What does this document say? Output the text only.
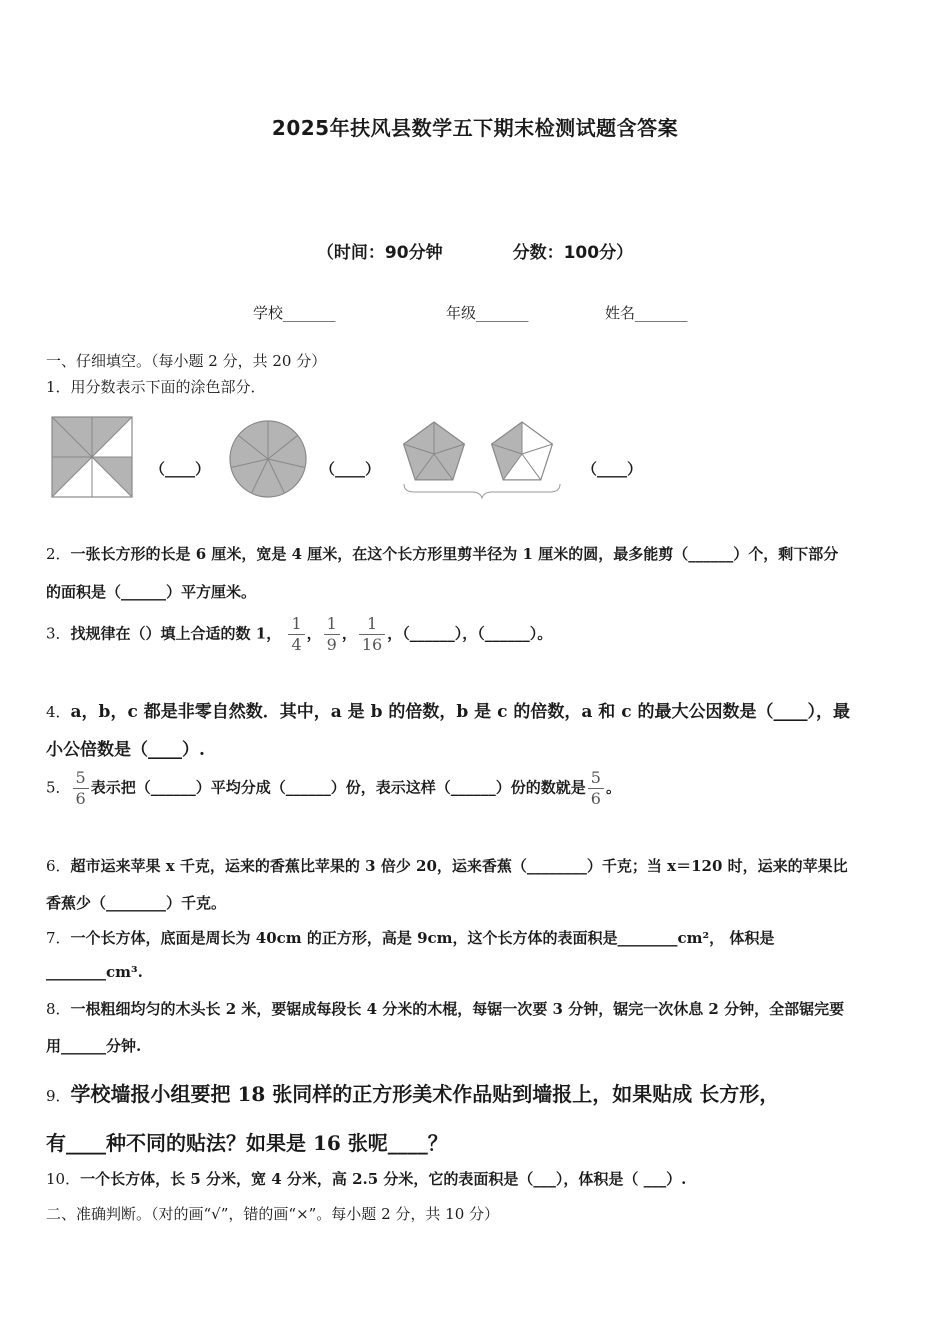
2025年扶风县数学五下期末检测试题含答案
（时间：90分钟	分数：100分）
学校_______	年级_______	姓名_______
一、仔细填空。（每小题 2 分，共 20 分）
1．用分数表示下面的涂色部分．
（____）	（____）	（____）
2．一张长方形的长是 6 厘米，宽是 4 厘米，在这个长方形里剪半径为 1 厘米的圆，最多能剪（______）个，剩下部分
的面积是（______）平方厘米。
3．找规律在（）填上合适的数 1， $\frac{1}{4}$ ， $\frac{1}{9}$ ， $\frac{1}{16}$ ，（______），（______）。
4．a，b，c 都是非零自然数．其中，a 是 b 的倍数，b 是 c 的倍数，a 和 c 的最大公因数是（____），最
小公倍数是（____）.
5． $\frac{5}{6}$ 表示把（______）平均分成（______）份，表示这样（______）份的数就是 $\frac{5}{6}$ 。
6．超市运来苹果 x 千克，运来的香蕉比苹果的 3 倍少 20，运来香蕉（________）千克；当 x＝120 时，运来的苹果比
香蕉少（________）千克。
7．一个长方体，底面是周长为 40cm 的正方形，高是 9cm，这个长方体的表面积是________cm²， 体积是
________cm³.
8．一根粗细均匀的木头长 2 米，要锯成每段长 4 分米的木棍，每锯一次要 3 分钟，锯完一次休息 2 分钟，全部锯完要
用______分钟.
9．学校墙报小组要把 18 张同样的正方形美术作品贴到墙报上，如果贴成 长方形，
有____种不同的贴法？如果是 16 张呢____？
10．一个长方体，长 5 分米，宽 4 分米，高 2.5 分米，它的表面积是（___），体积是（ ___）.
二、准确判断。（对的画“√”，错的画“×”。每小题 2 分，共 10 分）
